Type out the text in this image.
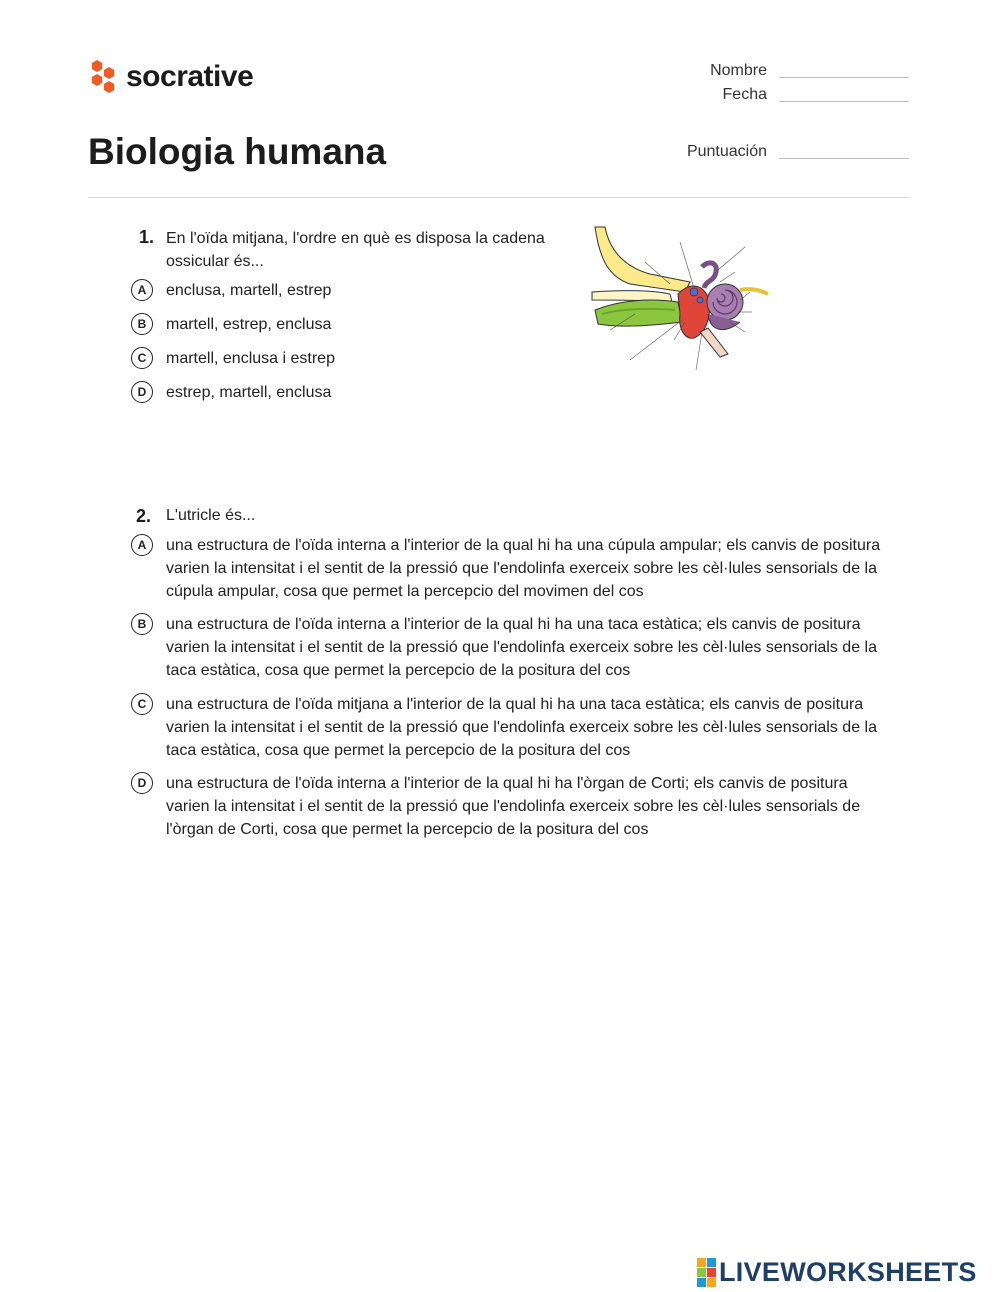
socrative
Biologia humana
Nombre
Fecha
Puntuación
1. En l'oïda mitjana, l'ordre en què es disposa la cadena ossicular és...
A	enclusa, martell, estrep
B	martell, estrep, enclusa
C	martell, enclusa i estrep
D	estrep, martell, enclusa
2. L'utricle és...
A	una estructura de l'oïda interna a l'interior de la qual hi ha una cúpula ampular; els canvis de positura varien la intensitat i el sentit de la pressió que l'endolinfa exerceix sobre les cèl·lules sensorials de la cúpula ampular, cosa que permet la percepcio del movimen del cos
B	una estructura de l'oïda interna a l'interior de la qual hi ha una taca estàtica; els canvis de positura varien la intensitat i el sentit de la pressió que l'endolinfa exerceix sobre les cèl·lules sensorials de la taca estàtica, cosa que permet la percepcio de la positura del cos
C	una estructura de l'oïda mitjana a l'interior de la qual hi ha una taca estàtica; els canvis de positura varien la intensitat i el sentit de la pressió que l'endolinfa exerceix sobre les cèl·lules sensorials de la taca estàtica, cosa que permet la percepcio de la positura del cos
D	una estructura de l'oïda interna a l'interior de la qual hi ha l'òrgan de Corti; els canvis de positura varien la intensitat i el sentit de la pressió que l'endolinfa exerceix sobre les cèl·lules sensorials de l'òrgan de Corti, cosa que permet la percepcio de la positura del cos
LIVEWORKSHEETS
